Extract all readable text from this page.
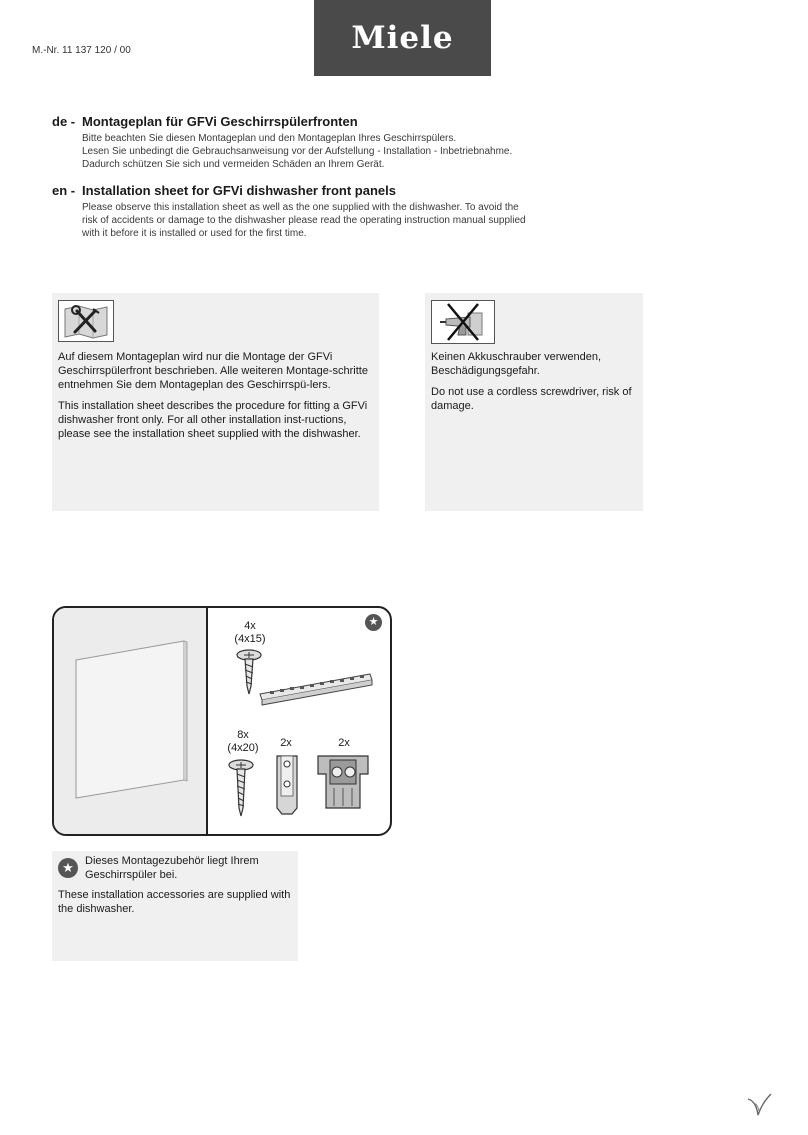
M.-Nr. 11 137 120 / 00	Miele
de - Montageplan für GFVi Geschirrspülerfronten

Bitte beachten Sie diesen Montageplan und den Montageplan Ihres Geschirrspülers.

Lesen Sie unbedingt die Gebrauchsanweisung vor der Aufstellung - Installation - Inbetriebnahme.

Dadurch schützen Sie sich und vermeiden Schäden an Ihrem Gerät.

en - Installation sheet for GFVi dishwasher front panels

Please observe this installation sheet as well as the one supplied with the dishwasher. To avoid the

risk of accidents or damage to the dishwasher please read the operating instruction manual supplied

with it before it is installed or used for the first time.

Auf diesem Montageplan wird nur die Montage der GFVi Geschirrspülerfront beschrieben. Alle weiteren Montage-schritte entnehmen Sie dem Montageplan des Geschirrspü-lers.

This installation sheet describes the procedure for fitting a GFVi dishwasher front only. For all other installation inst-ructions, please see the installation sheet supplied with the dishwasher.

Keinen Akkuschrauber verwenden, Beschädigungsgefahr.

Do not use a cordless screwdriver, risk of damage.

★
4x
(4x15)
8x
(4x20)	2x	2x
★	Dieses Montagezubehör liegt Ihrem Geschirrspüler bei.

These installation accessories are supplied with the dishwasher.
